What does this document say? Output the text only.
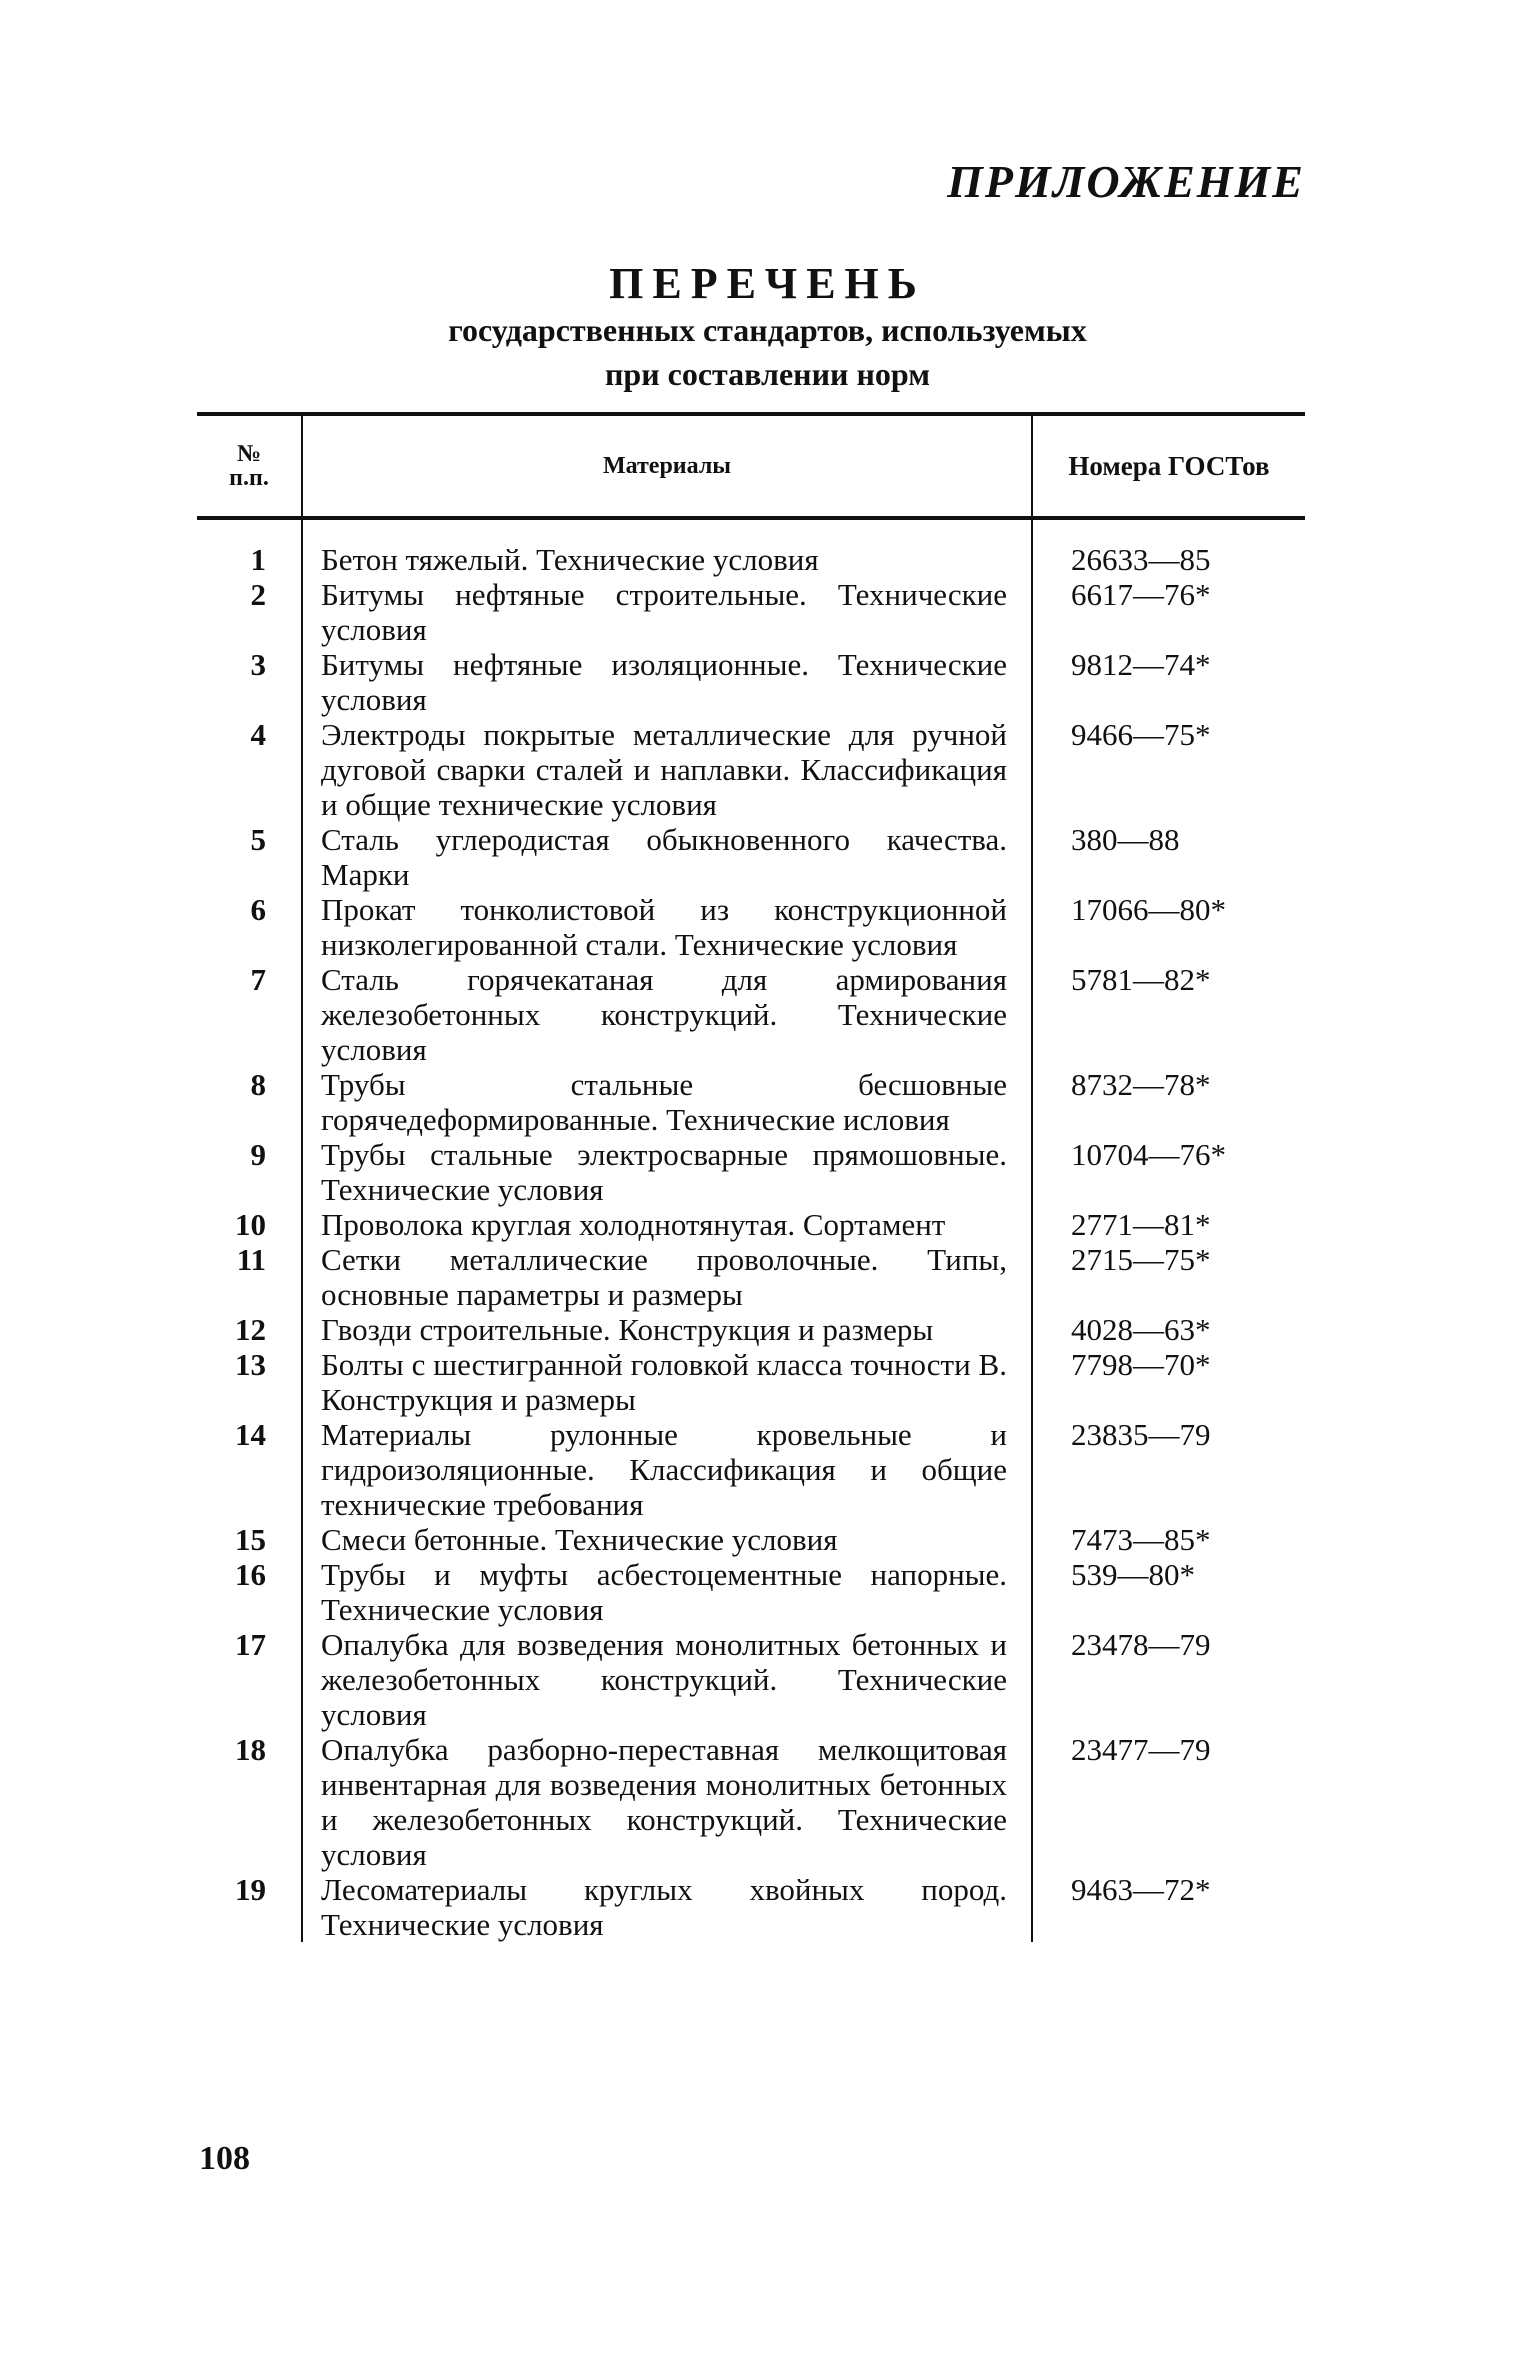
ПРИЛОЖЕНИЕ
ПЕРЕЧЕНЬ
государственных стандартов, используемых
при составлении норм
№
п.п.	Материалы	Номера ГОСТов

1	Бетон тяжелый. Технические условия	26633—85
2	Битумы нефтяные строительные. Технические условия	6617—76*
3	Битумы нефтяные изоляционные. Технические условия	9812—74*
4	Электроды покрытые металлические для ручной дуговой сварки сталей и наплавки. Классификация и общие технические условия	9466—75*
5	Сталь углеродистая обыкновенного качества. Марки	380—88
6	Прокат тонколистовой из конструкционной низколегированной стали. Технические условия	17066—80*
7	Сталь горячекатаная для армирования железобетонных конструкций. Технические условия	5781—82*
8	Трубы стальные бесшовные горячедеформированные. Технические исловия	8732—78*
9	Трубы стальные электросварные прямошовные. Технические условия	10704—76*
10	Проволока круглая холоднотянутая. Сортамент	2771—81*
11	Сетки металлические проволочные. Типы, основные параметры и размеры	2715—75*
12	Гвозди строительные. Конструкция и размеры	4028—63*
13	Болты с шестигранной головкой класса точности В. Конструкция и размеры	7798—70*
14	Материалы рулонные кровельные и гидроизоляционные. Классификация и общие технические требования	23835—79
15	Смеси бетонные. Технические условия	7473—85*
16	Трубы и муфты асбестоцементные напорные. Технические условия	539—80*
17	Опалубка для возведения монолитных бетонных и железобетонных конструкций. Технические условия	23478—79
18	Опалубка разборно-переставная мелкощитовая инвентарная для возведения монолитных бетонных и железобетонных конструкций. Технические условия	23477—79
19	Лесоматериалы круглых хвойных пород. Технические условия	9463—72*
108
